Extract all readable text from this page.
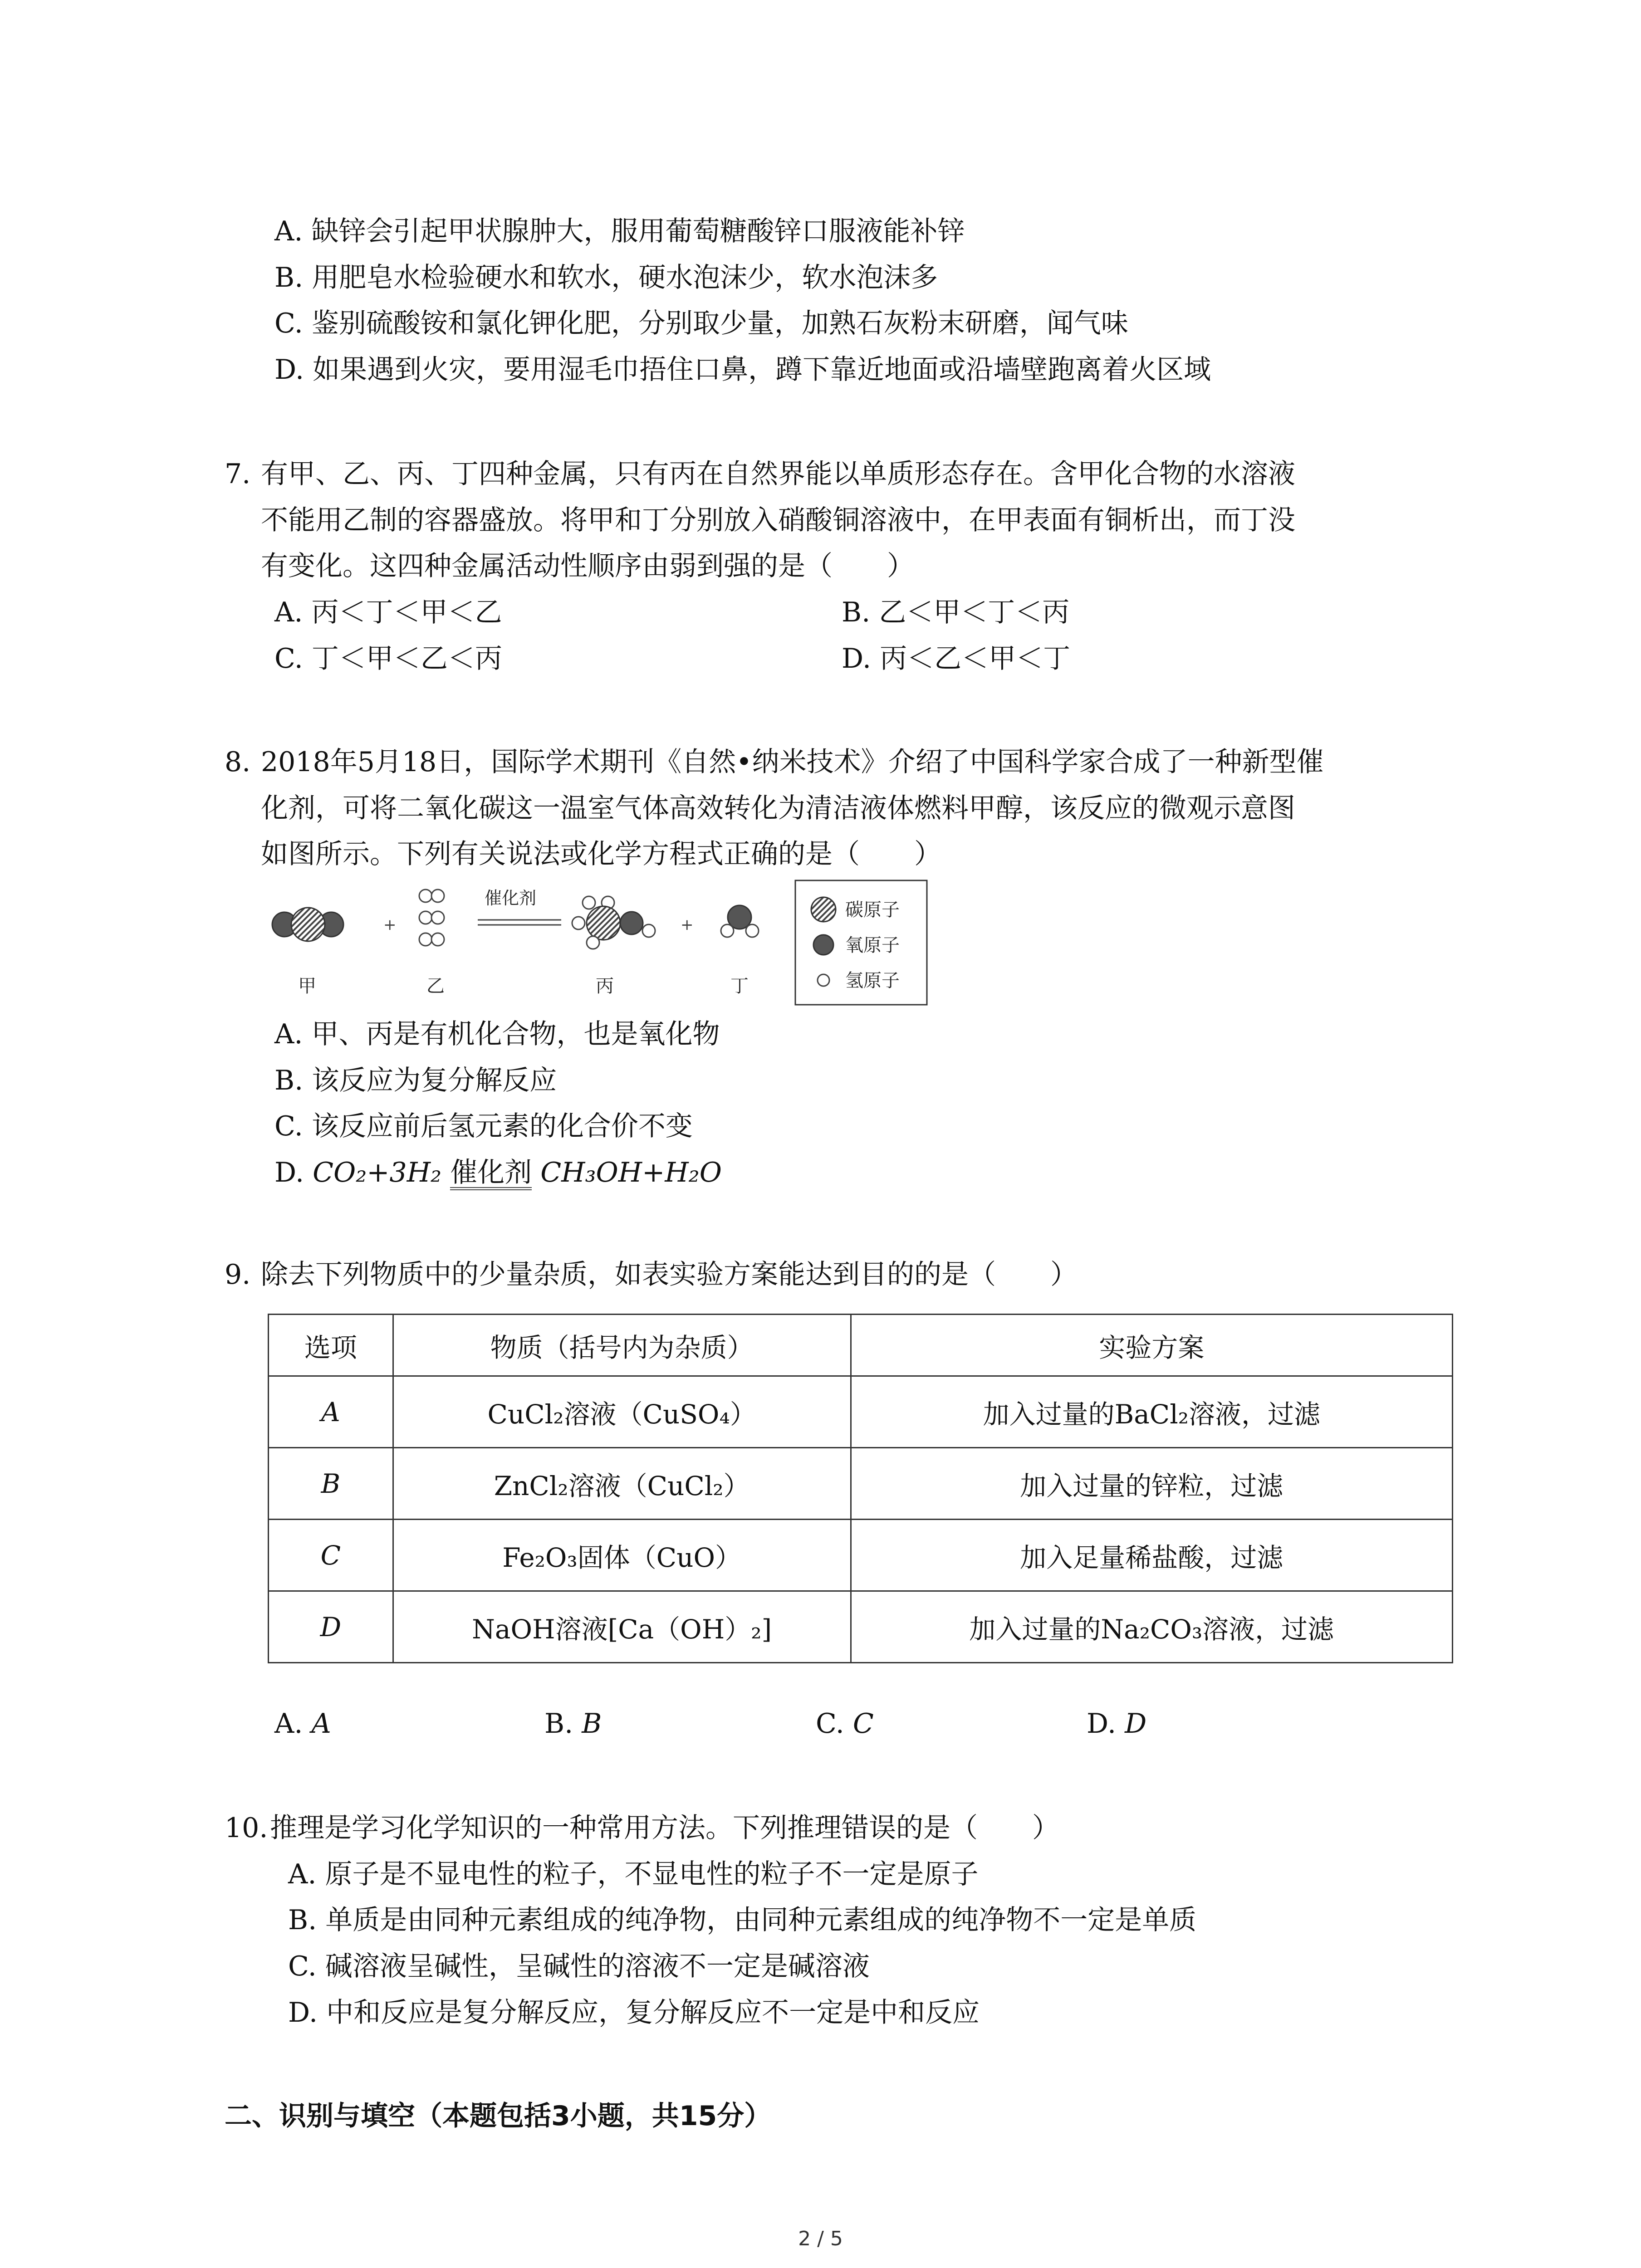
A. 缺锌会引起甲状腺肿大，服用葡萄糖酸锌口服液能补锌
B. 用肥皂水检验硬水和软水，硬水泡沫少，软水泡沫多
C. 鉴别硫酸铵和氯化钾化肥，分别取少量，加熟石灰粉末研磨，闻气味
D. 如果遇到火灾，要用湿毛巾捂住口鼻，蹲下靠近地面或沿墙壁跑离着火区域
7. 有甲、乙、丙、丁四种金属，只有丙在自然界能以单质形态存在。含甲化合物的水溶液
不能用乙制的容器盛放。将甲和丁分别放入硝酸铜溶液中，在甲表面有铜析出，而丁没
有变化。这四种金属活动性顺序由弱到强的是（　　）
A. 丙＜丁＜甲＜乙	B. 乙＜甲＜丁＜丙
C. 丁＜甲＜乙＜丙	D. 丙＜乙＜甲＜丁
8. 2018年5月18日，国际学术期刊《自然•纳米技术》介绍了中国科学家合成了一种新型催
化剂，可将二氧化碳这一温室气体高效转化为清洁液体燃料甲醇，该反应的微观示意图
如图所示。下列有关说法或化学方程式正确的是（　　）
+
催化剂
+
甲	乙	丙	丁
碳原子
氧原子
氢原子
A. 甲、丙是有机化合物，也是氧化物
B. 该反应为复分解反应
C. 该反应前后氢元素的化合价不变
D. CO₂+3H₂ 催化剂 CH₃OH+H₂O
9. 除去下列物质中的少量杂质，如表实验方案能达到目的的是（　　）
选项	物质（括号内为杂质）	实验方案
A	CuCl₂溶液（CuSO₄）	加入过量的BaCl₂溶液，过滤
B	ZnCl₂溶液（CuCl₂）	加入过量的锌粒，过滤
C	Fe₂O₃固体（CuO）	加入足量稀盐酸，过滤
D	NaOH溶液[Ca（OH）₂]	加入过量的Na₂CO₃溶液，过滤
A. A	B. B	C. C	D. D
10. 推理是学习化学知识的一种常用方法。下列推理错误的是（　　）
A. 原子是不显电性的粒子，不显电性的粒子不一定是原子
B. 单质是由同种元素组成的纯净物，由同种元素组成的纯净物不一定是单质
C. 碱溶液呈碱性，呈碱性的溶液不一定是碱溶液
D. 中和反应是复分解反应，复分解反应不一定是中和反应
二、识别与填空（本题包括3小题，共15分）
2 / 5
